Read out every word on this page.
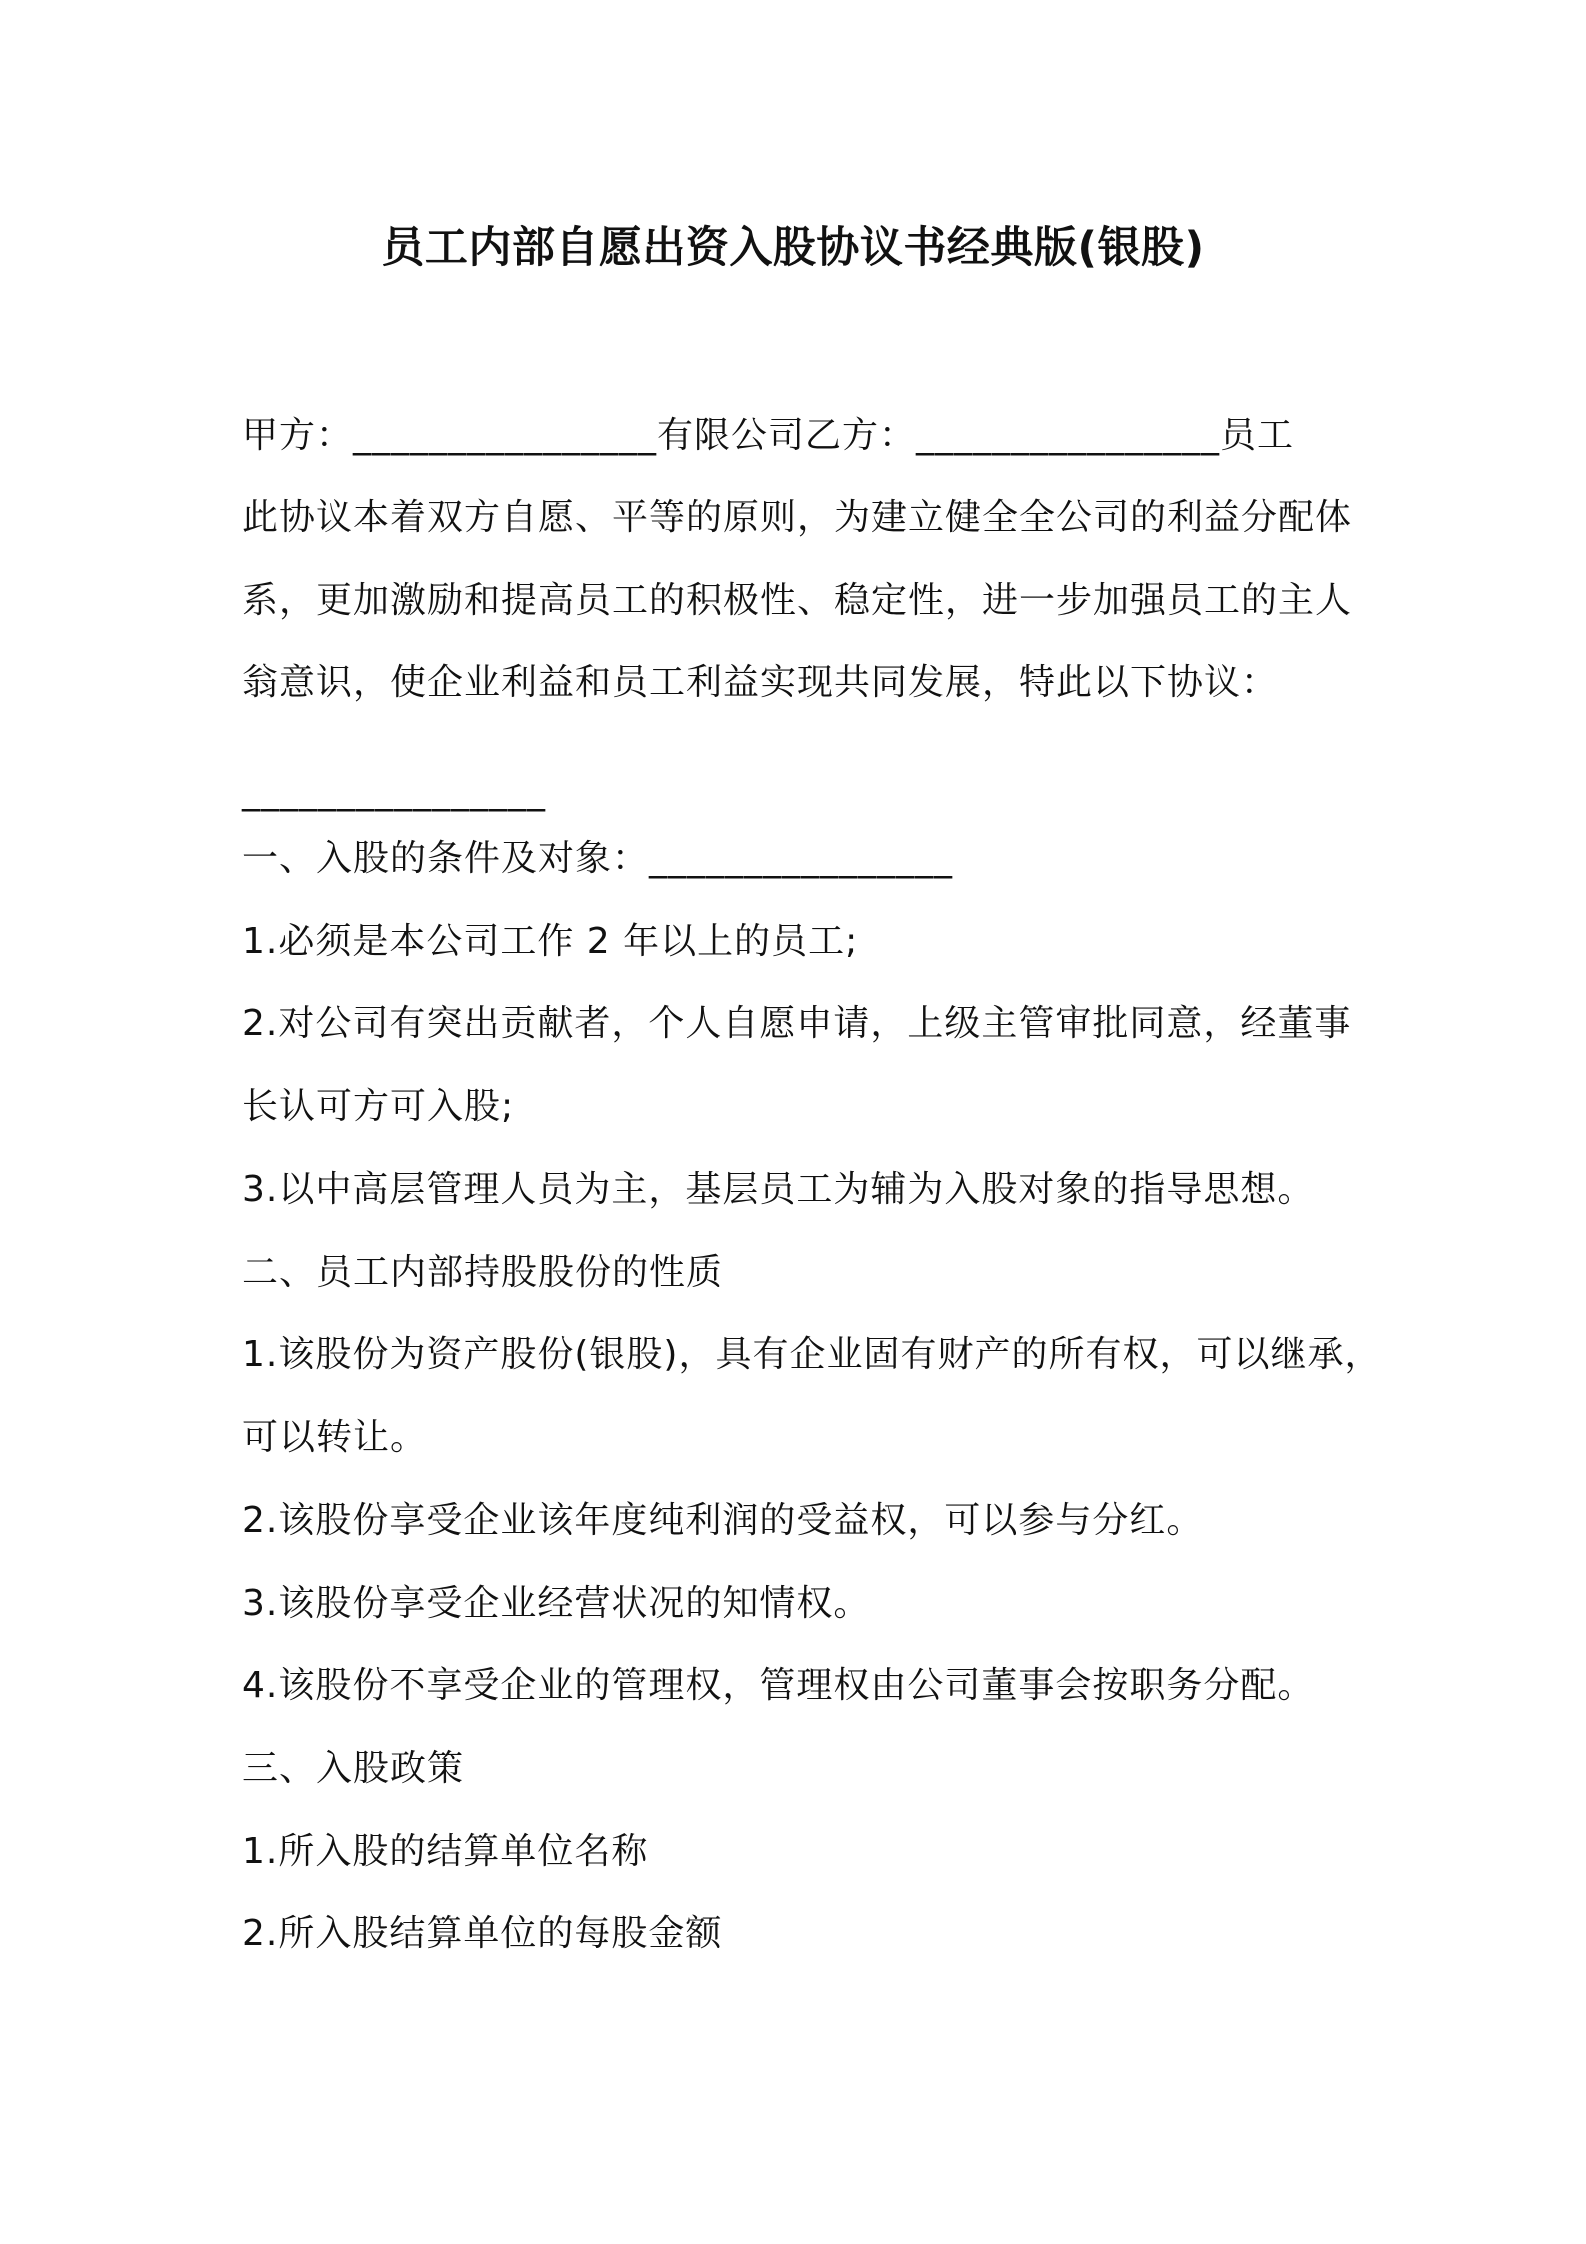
员工内部自愿出资入股协议书经典版(银股)
甲方：________________有限公司乙方：________________员工
此协议本着双方自愿、平等的原则，为建立健全全公司的利益分配体
系，更加激励和提高员工的积极性、稳定性，进一步加强员工的主人
翁意识，使企业利益和员工利益实现共同发展，特此以下协议：
________________
一、入股的条件及对象：________________
1.必须是本公司工作 2 年以上的员工;
2.对公司有突出贡献者，个人自愿申请，上级主管审批同意，经董事
长认可方可入股;
3.以中高层管理人员为主，基层员工为辅为入股对象的指导思想。
二、员工内部持股股份的性质
1.该股份为资产股份(银股)，具有企业固有财产的所有权，可以继承，
可以转让。
2.该股份享受企业该年度纯利润的受益权，可以参与分红。
3.该股份享受企业经营状况的知情权。
4.该股份不享受企业的管理权，管理权由公司董事会按职务分配。
三、入股政策
1.所入股的结算单位名称
2.所入股结算单位的每股金额
